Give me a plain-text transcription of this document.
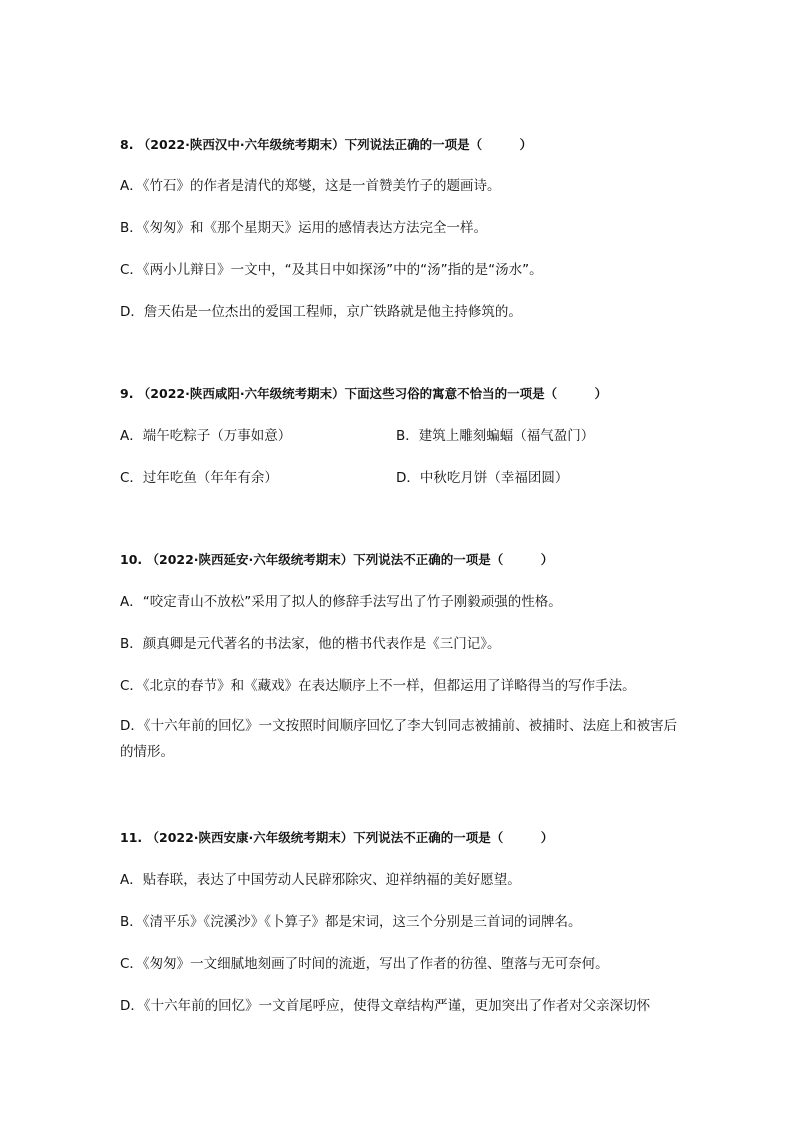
8. （2022·陕西汉中·六年级统考期末）下列说法正确的一项是（　　　）
A．《竹石》的作者是清代的郑燮，这是一首赞美竹子的题画诗。
B．《匆匆》和《那个星期天》运用的感情表达方法完全一样。
C．《两小儿辩日》一文中，“及其日中如探汤”中的“汤”指的是“汤水”。
D．詹天佑是一位杰出的爱国工程师，京广铁路就是他主持修筑的。
9. （2022·陕西咸阳·六年级统考期末）下面这些习俗的寓意不恰当的一项是（　　　）
A．端午吃粽子（万事如意）	B．建筑上雕刻蝙蝠（福气盈门）
C．过年吃鱼（年年有余）	D．中秋吃月饼（幸福团圆）
10. （2022·陕西延安·六年级统考期末）下列说法不正确的一项是（　　　）
A．“咬定青山不放松”采用了拟人的修辞手法写出了竹子刚毅顽强的性格。
B．颜真卿是元代著名的书法家，他的楷书代表作是《三门记》。
C．《北京的春节》和《藏戏》在表达顺序上不一样，但都运用了详略得当的写作手法。
D．《十六年前的回忆》一文按照时间顺序回忆了李大钊同志被捕前、被捕时、法庭上和被害后的情形。
11. （2022·陕西安康·六年级统考期末）下列说法不正确的一项是（　　　）
A．贴春联，表达了中国劳动人民辟邪除灾、迎祥纳福的美好愿望。
B．《清平乐》《浣溪沙》《卜算子》都是宋词，这三个分别是三首词的词牌名。
C．《匆匆》一文细腻地刻画了时间的流逝，写出了作者的彷徨、堕落与无可奈何。
D．《十六年前的回忆》一文首尾呼应，使得文章结构严谨，更加突出了作者对父亲深切怀
